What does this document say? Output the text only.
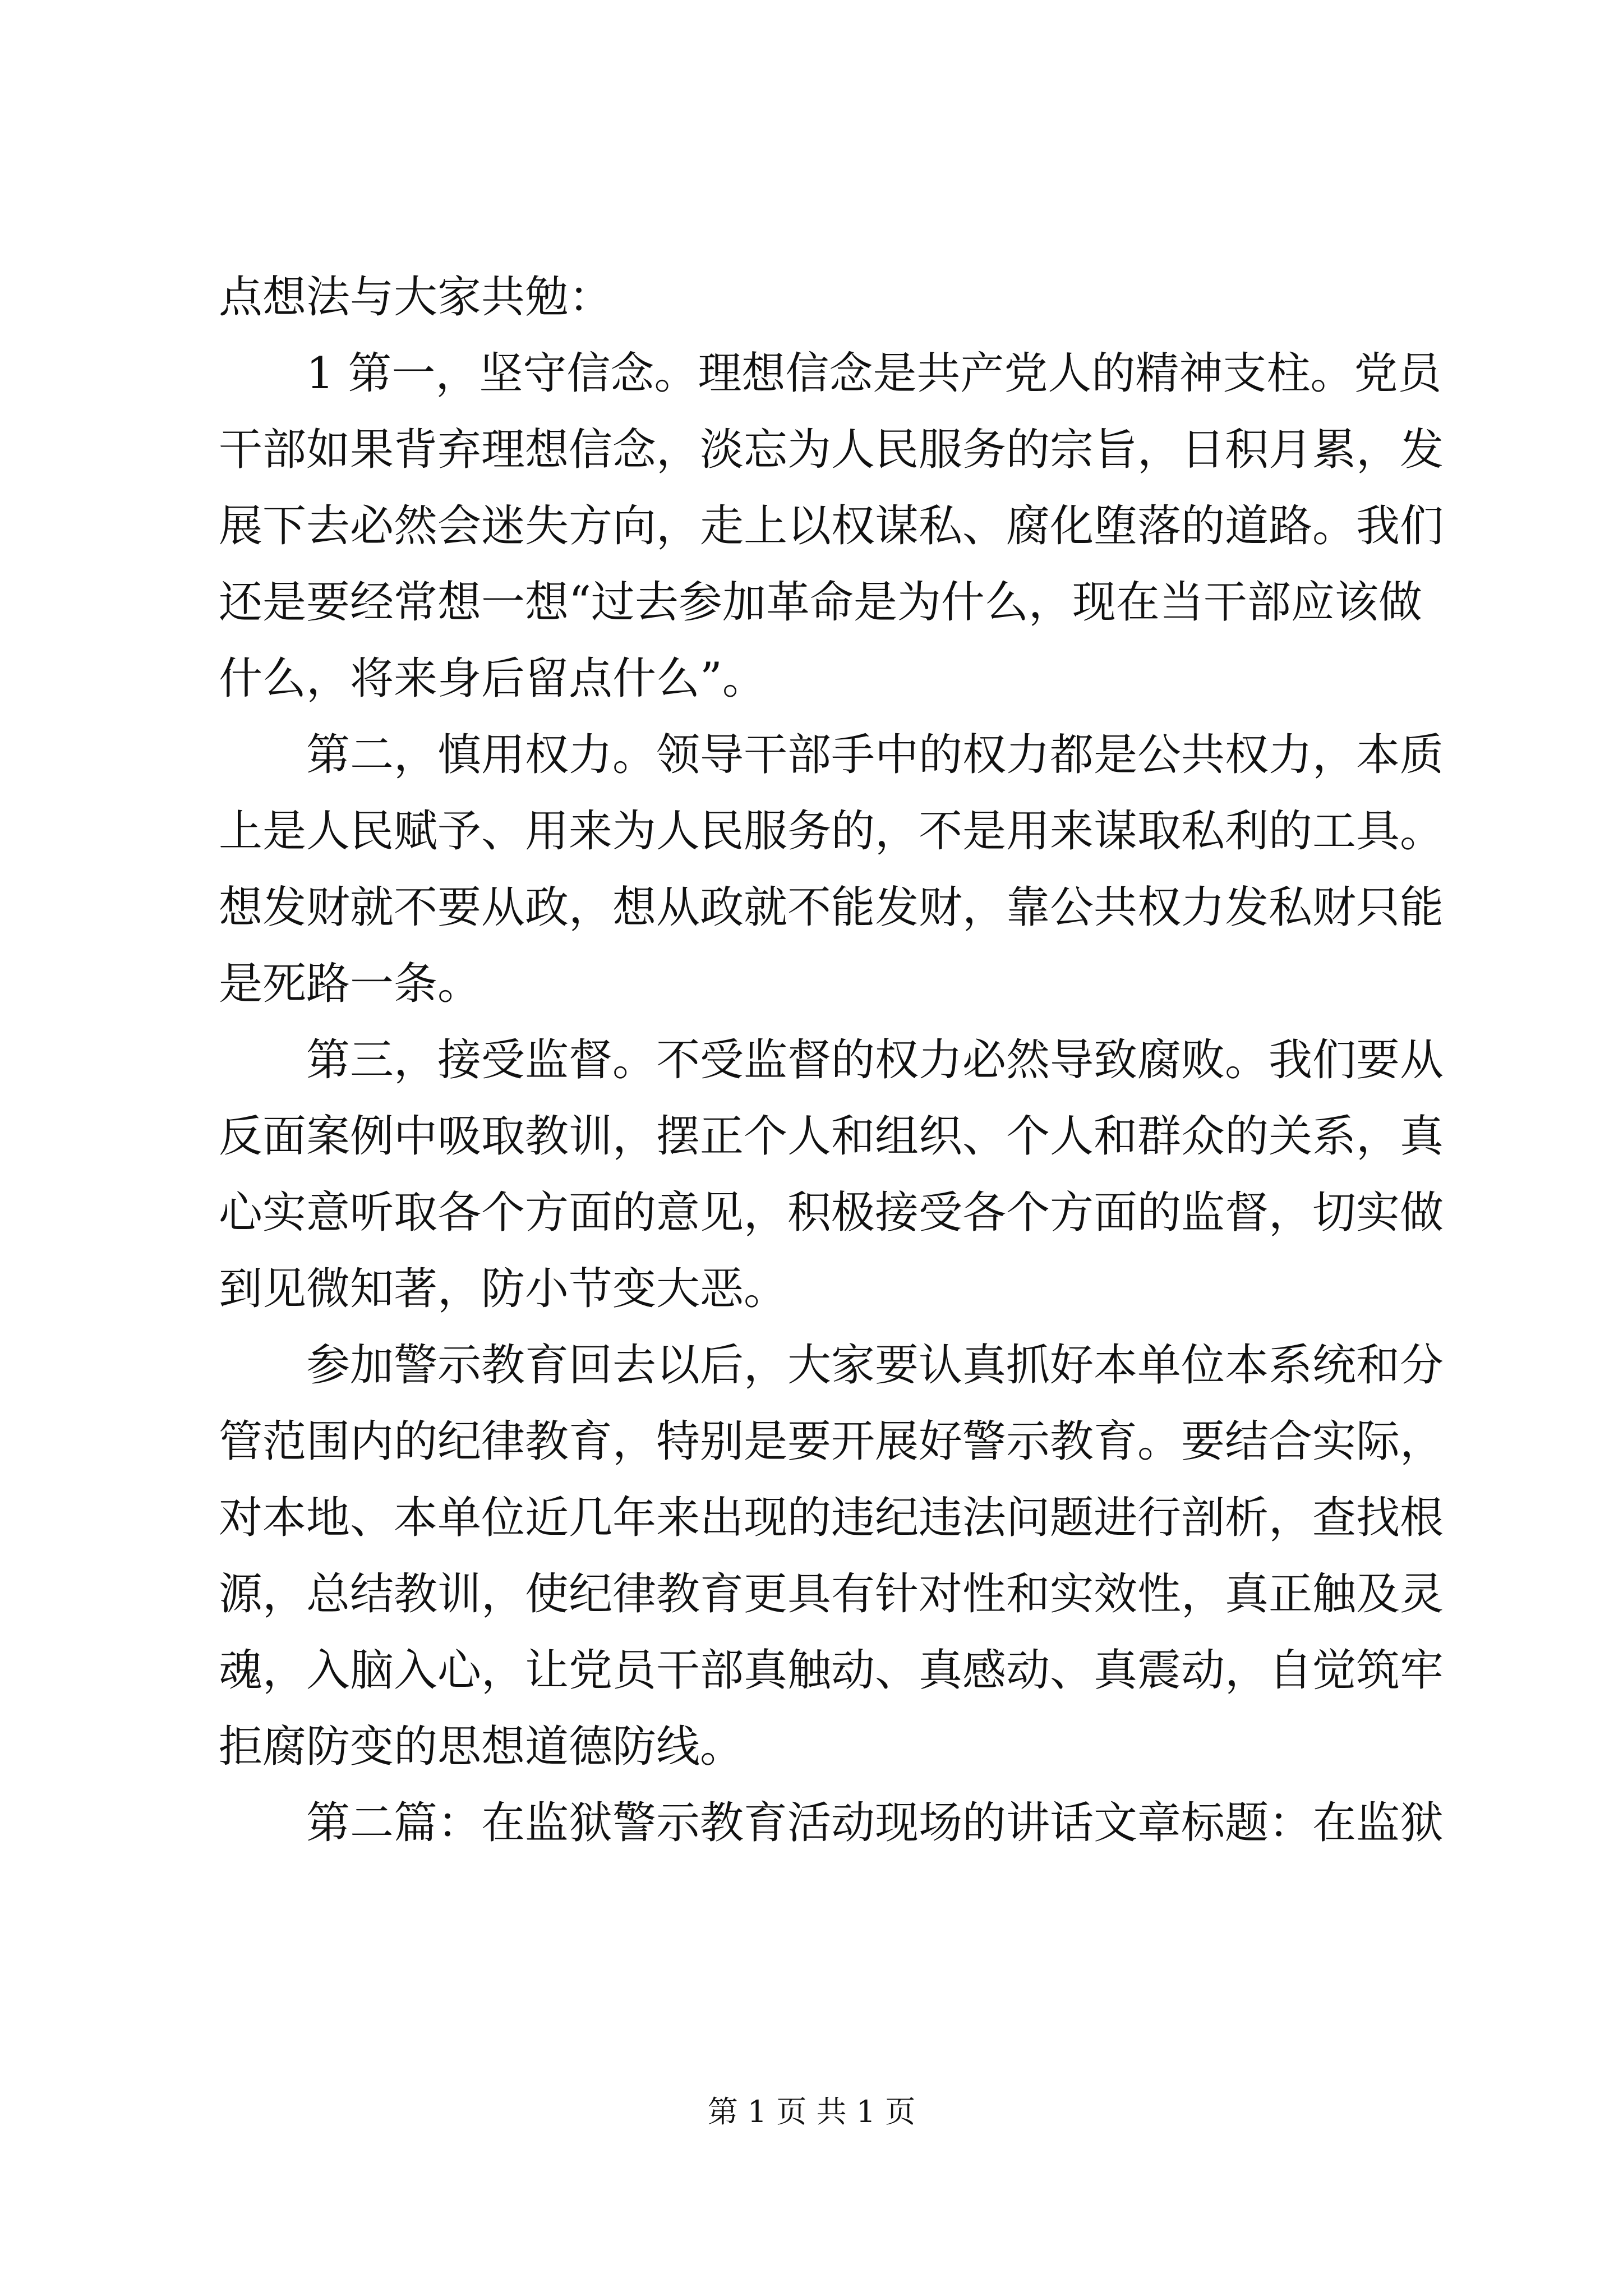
点想法与大家共勉：
1 第一，坚守信念。理想信念是共产党人的精神支柱。党员
干部如果背弃理想信念，淡忘为人民服务的宗旨，日积月累，发
展下去必然会迷失方向，走上以权谋私、腐化堕落的道路。我们
还是要经常想一想“过去参加革命是为什么，现在当干部应该做
什么，将来身后留点什么”。
第二，慎用权力。领导干部手中的权力都是公共权力，本质
上是人民赋予、用来为人民服务的，不是用来谋取私利的工具。
想发财就不要从政，想从政就不能发财，靠公共权力发私财只能
是死路一条。
第三，接受监督。不受监督的权力必然导致腐败。我们要从
反面案例中吸取教训，摆正个人和组织、个人和群众的关系，真
心实意听取各个方面的意见，积极接受各个方面的监督，切实做
到见微知著，防小节变大恶。
参加警示教育回去以后，大家要认真抓好本单位本系统和分
管范围内的纪律教育，特别是要开展好警示教育。要结合实际，
对本地、本单位近几年来出现的违纪违法问题进行剖析，查找根
源，总结教训，使纪律教育更具有针对性和实效性，真正触及灵
魂，入脑入心，让党员干部真触动、真感动、真震动，自觉筑牢
拒腐防变的思想道德防线。
第二篇：在监狱警示教育活动现场的讲话文章标题：在监狱
第 1 页 共 1 页
